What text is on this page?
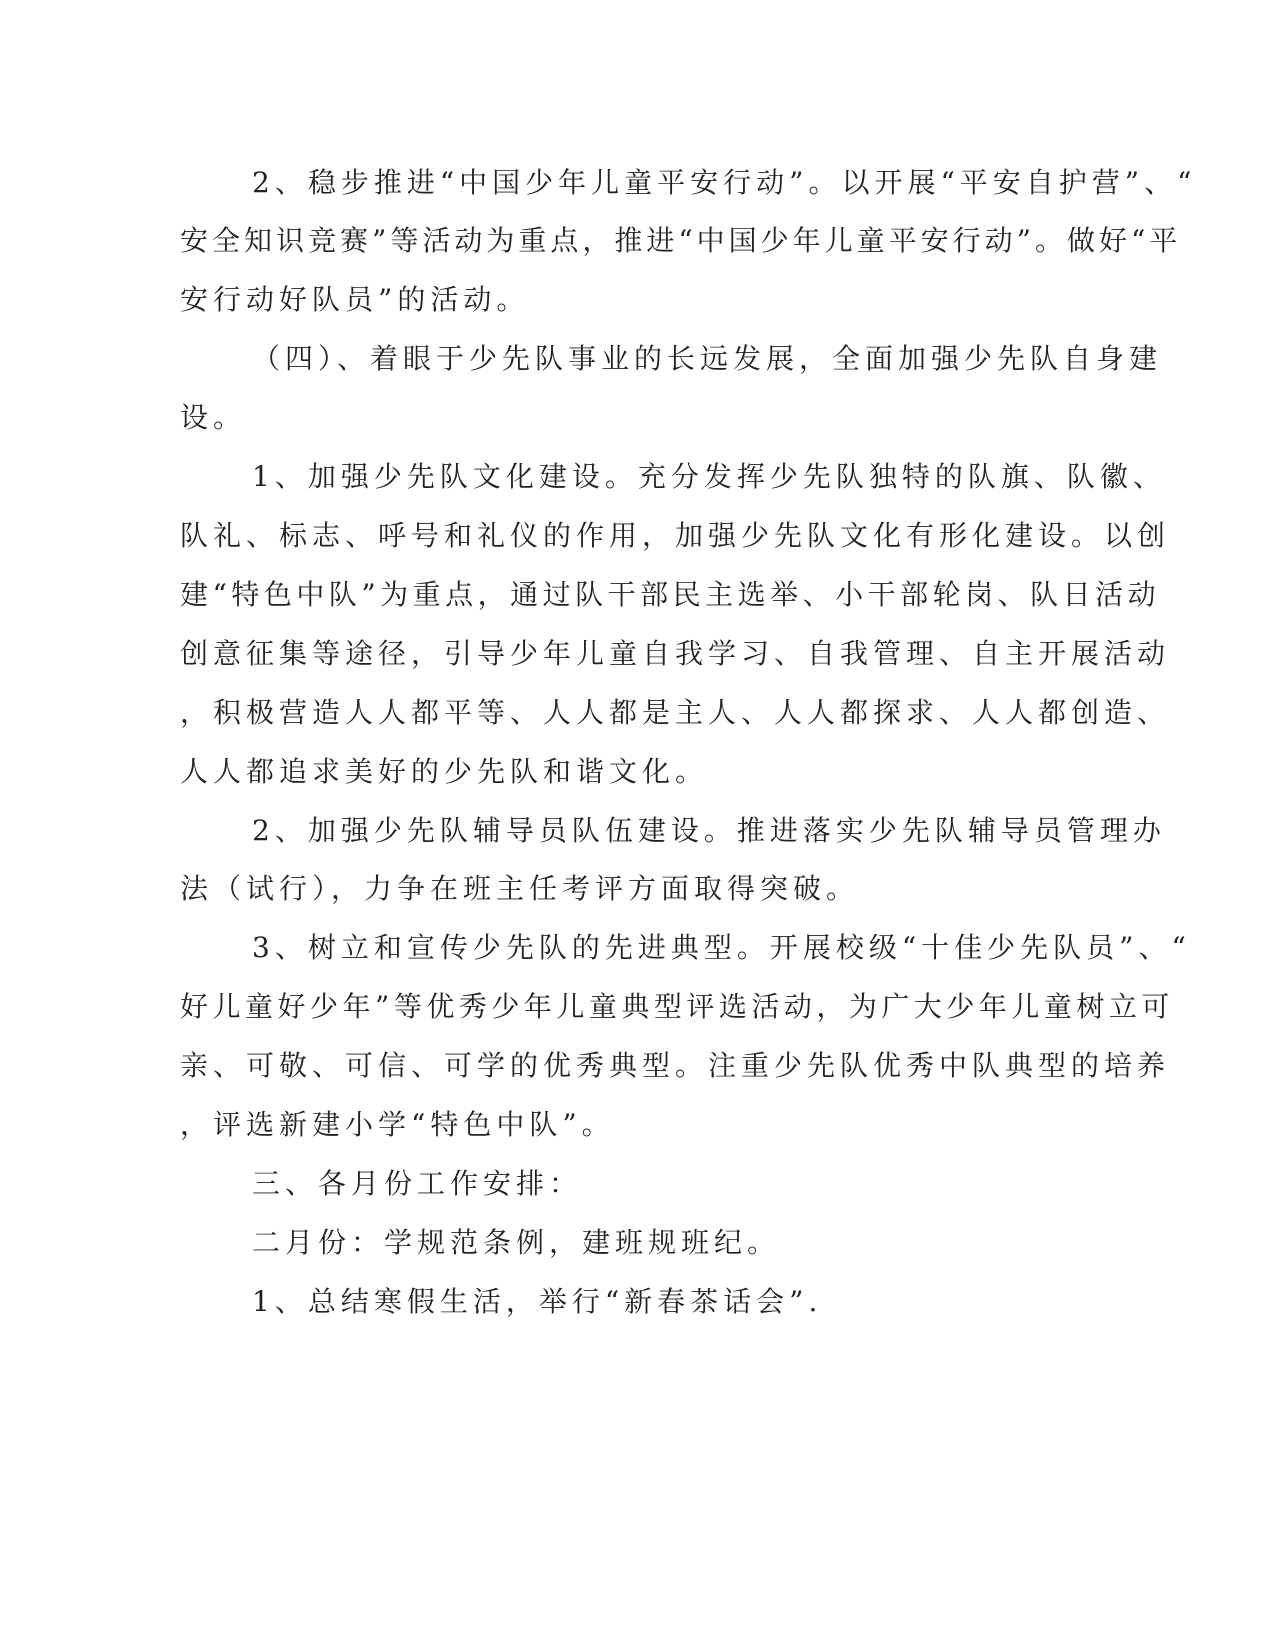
2、稳步推进“中国少年儿童平安行动”。以开展“平安自护营”、“
安全知识竞赛”等活动为重点，推进“中国少年儿童平安行动”。做好“平
安行动好队员”的活动。
（四）、着眼于少先队事业的长远发展，全面加强少先队自身建
设。
1、加强少先队文化建设。充分发挥少先队独特的队旗、队徽、
队礼、标志、呼号和礼仪的作用，加强少先队文化有形化建设。以创
建“特色中队”为重点，通过队干部民主选举、小干部轮岗、队日活动
创意征集等途径，引导少年儿童自我学习、自我管理、自主开展活动
，积极营造人人都平等、人人都是主人、人人都探求、人人都创造、
人人都追求美好的少先队和谐文化。
2、加强少先队辅导员队伍建设。推进落实少先队辅导员管理办
法（试行），力争在班主任考评方面取得突破。
3、树立和宣传少先队的先进典型。开展校级“十佳少先队员”、“
好儿童好少年”等优秀少年儿童典型评选活动，为广大少年儿童树立可
亲、可敬、可信、可学的优秀典型。注重少先队优秀中队典型的培养
，评选新建小学“特色中队”。
三、各月份工作安排：
二月份：学规范条例，建班规班纪。
1、总结寒假生活，举行“新春茶话会”.
